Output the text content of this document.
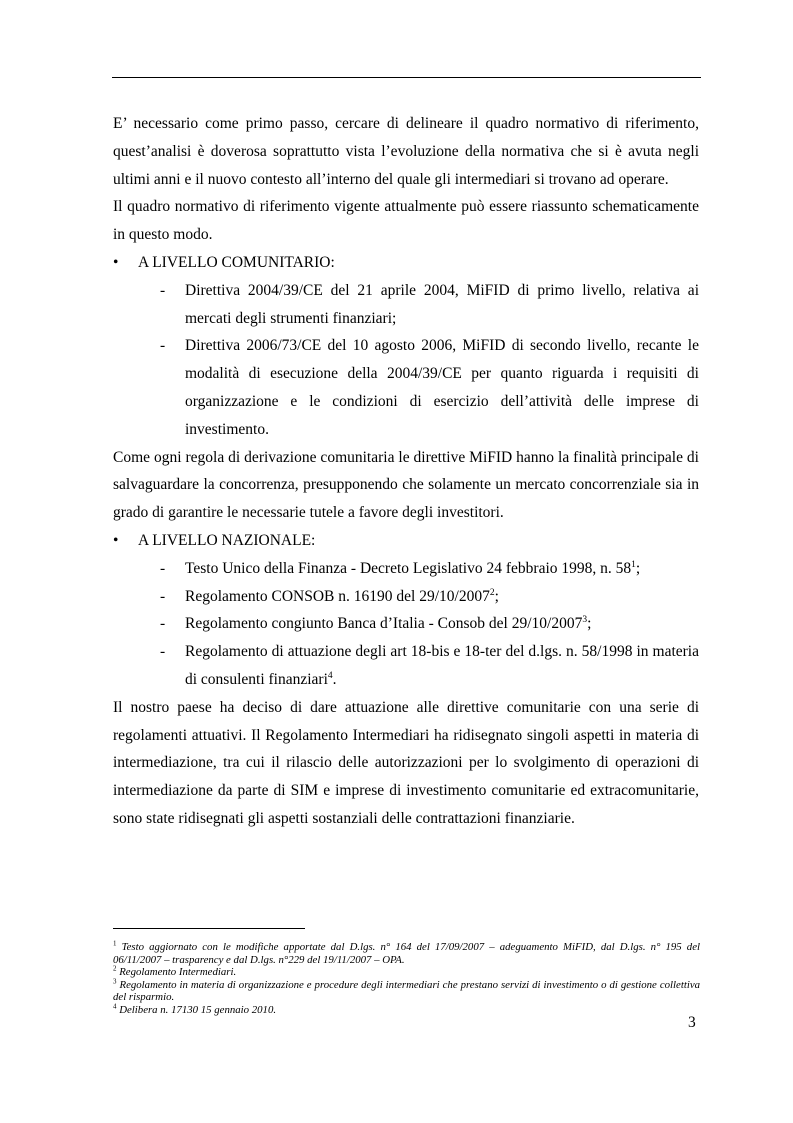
E’ necessario come primo passo, cercare di delineare il quadro normativo di riferimento, quest’analisi è doverosa soprattutto vista l’evoluzione della normativa che si è avuta negli ultimi anni e il nuovo contesto all’interno del quale gli intermediari si trovano ad operare.

Il quadro normativo di riferimento vigente attualmente può essere riassunto schematicamente in questo modo.

•	A LIVELLO COMUNITARIO:
-	Direttiva 2004/39/CE del 21 aprile 2004, MiFID di primo livello, relativa ai mercati degli strumenti finanziari;
-	Direttiva 2006/73/CE del 10 agosto 2006, MiFID di secondo livello, recante le modalità di esecuzione della 2004/39/CE per quanto riguarda i requisiti di organizzazione e le condizioni di esercizio dell’attività delle imprese di investimento.

Come ogni regola di derivazione comunitaria le direttive MiFID hanno la finalità principale di salvaguardare la concorrenza, presupponendo che solamente un mercato concorrenziale sia in grado di garantire le necessarie tutele a favore degli investitori.

•	A LIVELLO NAZIONALE:
-	Testo Unico della Finanza - Decreto Legislativo 24 febbraio 1998, n. $58^1$;
-	Regolamento CONSOB n. 16190 del 29/10/2007$^2$;
-	Regolamento congiunto Banca d’Italia - Consob del 29/10/2007$^3$;
-	Regolamento di attuazione degli art 18-bis e 18-ter del d.lgs. n. 58/1998 in materia di consulenti finanziari$^4$.

Il nostro paese ha deciso di dare attuazione alle direttive comunitarie con una serie di regolamenti attuativi. Il Regolamento Intermediari ha ridisegnato singoli aspetti in materia di intermediazione, tra cui il rilascio delle autorizzazioni per lo svolgimento di operazioni di intermediazione da parte di SIM e imprese di investimento comunitarie ed extracomunitarie, sono state ridisegnati gli aspetti sostanziali delle contrattazioni finanziarie.

$^1$ Testo aggiornato con le modifiche apportate dal D.lgs. n° 164 del 17/09/2007 – adeguamento MiFID, dal D.lgs. n° 195 del 06/11/2007 – trasparency e dal D.lgs. n°229 del 19/11/2007 – OPA.

$^2$ Regolamento Intermediari.

$^3$ Regolamento in materia di organizzazione e procedure degli intermediari che prestano servizi di investimento o di gestione collettiva del risparmio.

$^4$ Delibera n. 17130 15 gennaio 2010.

3
